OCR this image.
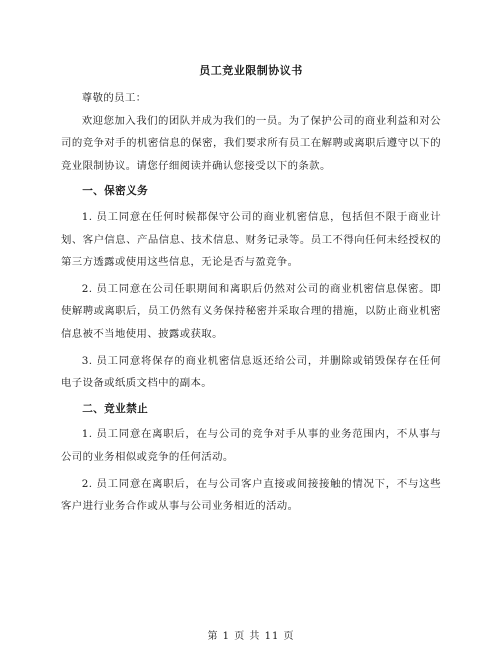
员工竞业限制协议书

尊敬的员工：

欢迎您加入我们的团队并成为我们的一员。为了保护公司的商业利益和对公司的竞争对手的机密信息的保密，我们要求所有员工在解聘或离职后遵守以下的竞业限制协议。请您仔细阅读并确认您接受以下的条款。

一、保密义务

1. 员工同意在任何时候都保守公司的商业机密信息，包括但不限于商业计划、客户信息、产品信息、技术信息、财务记录等。员工不得向任何未经授权的第三方透露或使用这些信息，无论是否与盈竞争。

2. 员工同意在公司任职期间和离职后仍然对公司的商业机密信息保密。即使解聘或离职后，员工仍然有义务保持秘密并采取合理的措施，以防止商业机密信息被不当地使用、披露或获取。

3. 员工同意将保存的商业机密信息返还给公司，并删除或销毁保存在任何电子设备或纸质文档中的副本。

二、竞业禁止

1. 员工同意在离职后，在与公司的竞争对手从事的业务范围内，不从事与公司的业务相似或竞争的任何活动。

2. 员工同意在离职后，在与公司客户直接或间接接触的情况下，不与这些客户进行业务合作或从事与公司业务相近的活动。

第 1 页 共 11 页
